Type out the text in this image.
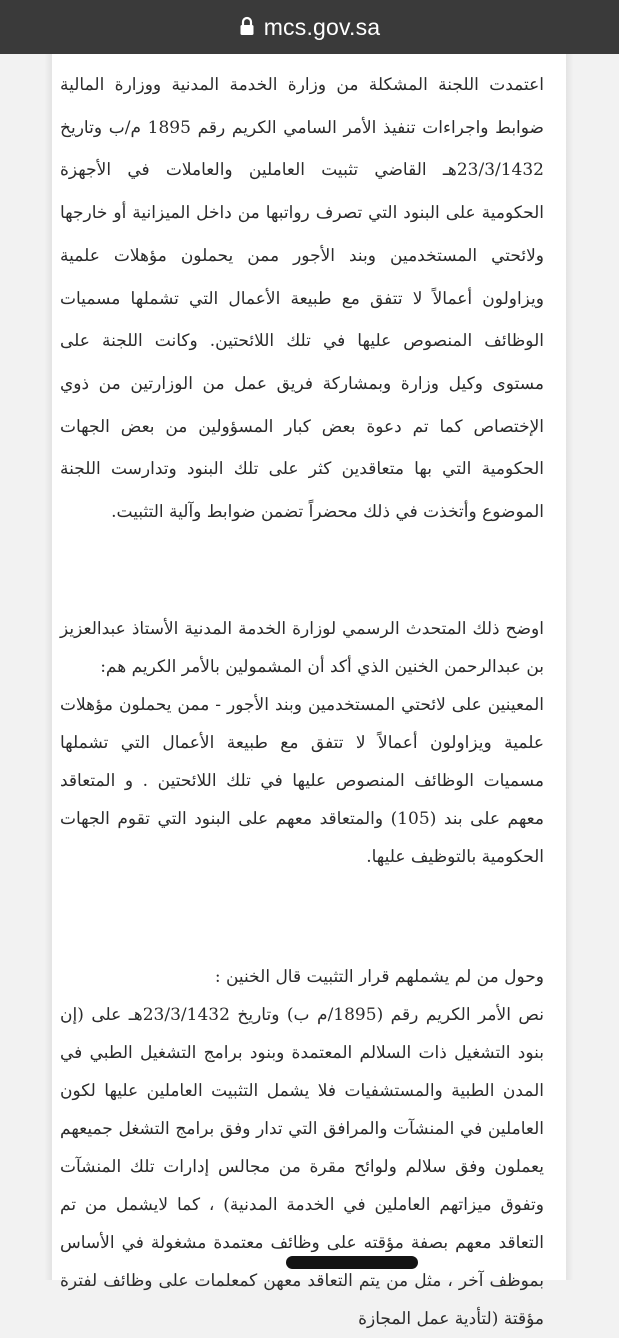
mcs.gov.sa

اعتمدت اللجنة المشكلة من وزارة الخدمة المدنية ووزارة المالية ضوابط واجراءات تنفيذ الأمر السامي الكريم رقم 1895 م/ب وتاريخ 23/3/1432هـ القاضي تثبيت العاملين والعاملات في الأجهزة الحكومية على البنود التي تصرف رواتبها من داخل الميزانية أو خارجها ولائحتي المستخدمين وبند الأجور ممن يحملون مؤهلات علمية ويزاولون أعمالاً لا تتفق مع طبيعة الأعمال التي تشملها مسميات الوظائف المنصوص عليها في تلك اللائحتين. وكانت اللجنة على مستوى وكيل وزارة وبمشاركة فريق عمل من الوزارتين من ذوي الإختصاص كما تم دعوة بعض كبار المسؤولين من بعض الجهات الحكومية التي بها متعاقدين كثر على تلك البنود وتدارست اللجنة الموضوع وأتخذت في ذلك محضراً تضمن ضوابط وآلية التثبيت.

اوضح ذلك المتحدث الرسمي لوزارة الخدمة المدنية الأستاذ عبدالعزيز بن عبدالرحمن الخنين الذي أكد أن المشمولين بالأمر الكريم هم:
المعينين على لائحتي المستخدمين وبند الأجور - ممن يحملون مؤهلات علمية ويزاولون أعمالاً لا تتفق مع طبيعة الأعمال التي تشملها مسميات الوظائف المنصوص عليها في تلك اللائحتين . و المتعاقد معهم على بند (105) والمتعاقد معهم على البنود التي تقوم الجهات الحكومية بالتوظيف عليها.
وحول من لم يشملهم قرار التثبيت قال الخنين :
نص الأمر الكريم رقم (1895/م ب) وتاريخ 23/3/1432هـ على (إن بنود التشغيل ذات السلالم المعتمدة وبنود برامج التشغيل الطبي في المدن الطبية والمستشفيات فلا يشمل التثبيت العاملين عليها لكون العاملين في المنشآت والمرافق التي تدار وفق برامج التشغل جميعهم يعملون وفق سلالم ولوائح مقرة من مجالس إدارات تلك المنشآت وتفوق ميزاتهم العاملين في الخدمة المدنية) ، كما لايشمل من تم التعاقد معهم بصفة مؤقته على وظائف معتمدة مشغولة في الأساس بموظف آخر ، مثل من يتم التعاقد معهن كمعلمات على وظائف لفترة مؤقتة (لتأدية عمل المجازة
